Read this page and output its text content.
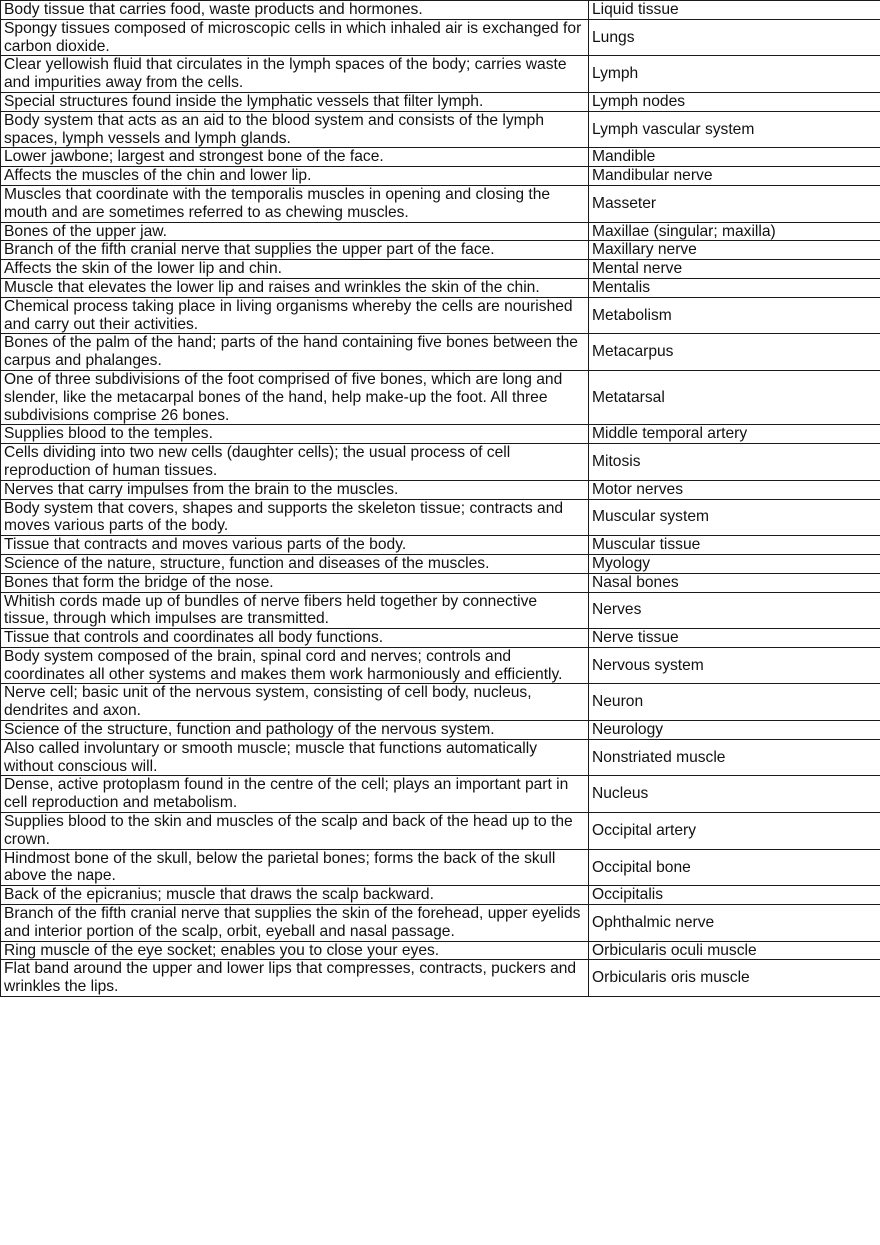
Body tissue that carries food, waste products and hormones.	Liquid tissue
Spongy tissues composed of microscopic cells in which inhaled air is exchanged for carbon dioxide.	Lungs
Clear yellowish fluid that circulates in the lymph spaces of the body; carries waste and impurities away from the cells.	Lymph
Special structures found inside the lymphatic vessels that filter lymph.	Lymph nodes
Body system that acts as an aid to the blood system and consists of the lymph spaces, lymph vessels and lymph glands.	Lymph vascular system
Lower jawbone; largest and strongest bone of the face.	Mandible
Affects the muscles of the chin and lower lip.	Mandibular nerve
Muscles that coordinate with the temporalis muscles in opening and closing the mouth and are sometimes referred to as chewing muscles.	Masseter
Bones of the upper jaw.	Maxillae (singular; maxilla)
Branch of the fifth cranial nerve that supplies the upper part of the face.	Maxillary nerve
Affects the skin of the lower lip and chin.	Mental nerve
Muscle that elevates the lower lip and raises and wrinkles the skin of the chin.	Mentalis
Chemical process taking place in living organisms whereby the cells are nourished and carry out their activities.	Metabolism
Bones of the palm of the hand; parts of the hand containing five bones between the carpus and phalanges.	Metacarpus
One of three subdivisions of the foot comprised of five bones, which are long and slender, like the metacarpal bones of the hand, help make-up the foot. All three subdivisions comprise 26 bones.	Metatarsal
Supplies blood to the temples.	Middle temporal artery
Cells dividing into two new cells (daughter cells); the usual process of cell reproduction of human tissues.	Mitosis
Nerves that carry impulses from the brain to the muscles.	Motor nerves
Body system that covers, shapes and supports the skeleton tissue; contracts and moves various parts of the body.	Muscular system
Tissue that contracts and moves various parts of the body.	Muscular tissue
Science of the nature, structure, function and diseases of the muscles.	Myology
Bones that form the bridge of the nose.	Nasal bones
Whitish cords made up of bundles of nerve fibers held together by connective tissue, through which impulses are transmitted.	Nerves
Tissue that controls and coordinates all body functions.	Nerve tissue
Body system composed of the brain, spinal cord and nerves; controls and coordinates all other systems and makes them work harmoniously and efficiently.	Nervous system
Nerve cell; basic unit of the nervous system, consisting of cell body, nucleus, dendrites and axon.	Neuron
Science of the structure, function and pathology of the nervous system.	Neurology
Also called involuntary or smooth muscle; muscle that functions automatically without conscious will.	Nonstriated muscle
Dense, active protoplasm found in the centre of the cell; plays an important part in cell reproduction and metabolism.	Nucleus
Supplies blood to the skin and muscles of the scalp and back of the head up to the crown.	Occipital artery
Hindmost bone of the skull, below the parietal bones; forms the back of the skull above the nape.	Occipital bone
Back of the epicranius; muscle that draws the scalp backward.	Occipitalis
Branch of the fifth cranial nerve that supplies the skin of the forehead, upper eyelids and interior portion of the scalp, orbit, eyeball and nasal passage.	Ophthalmic nerve
Ring muscle of the eye socket; enables you to close your eyes.	Orbicularis oculi muscle
Flat band around the upper and lower lips that compresses, contracts, puckers and wrinkles the lips.	Orbicularis oris muscle
